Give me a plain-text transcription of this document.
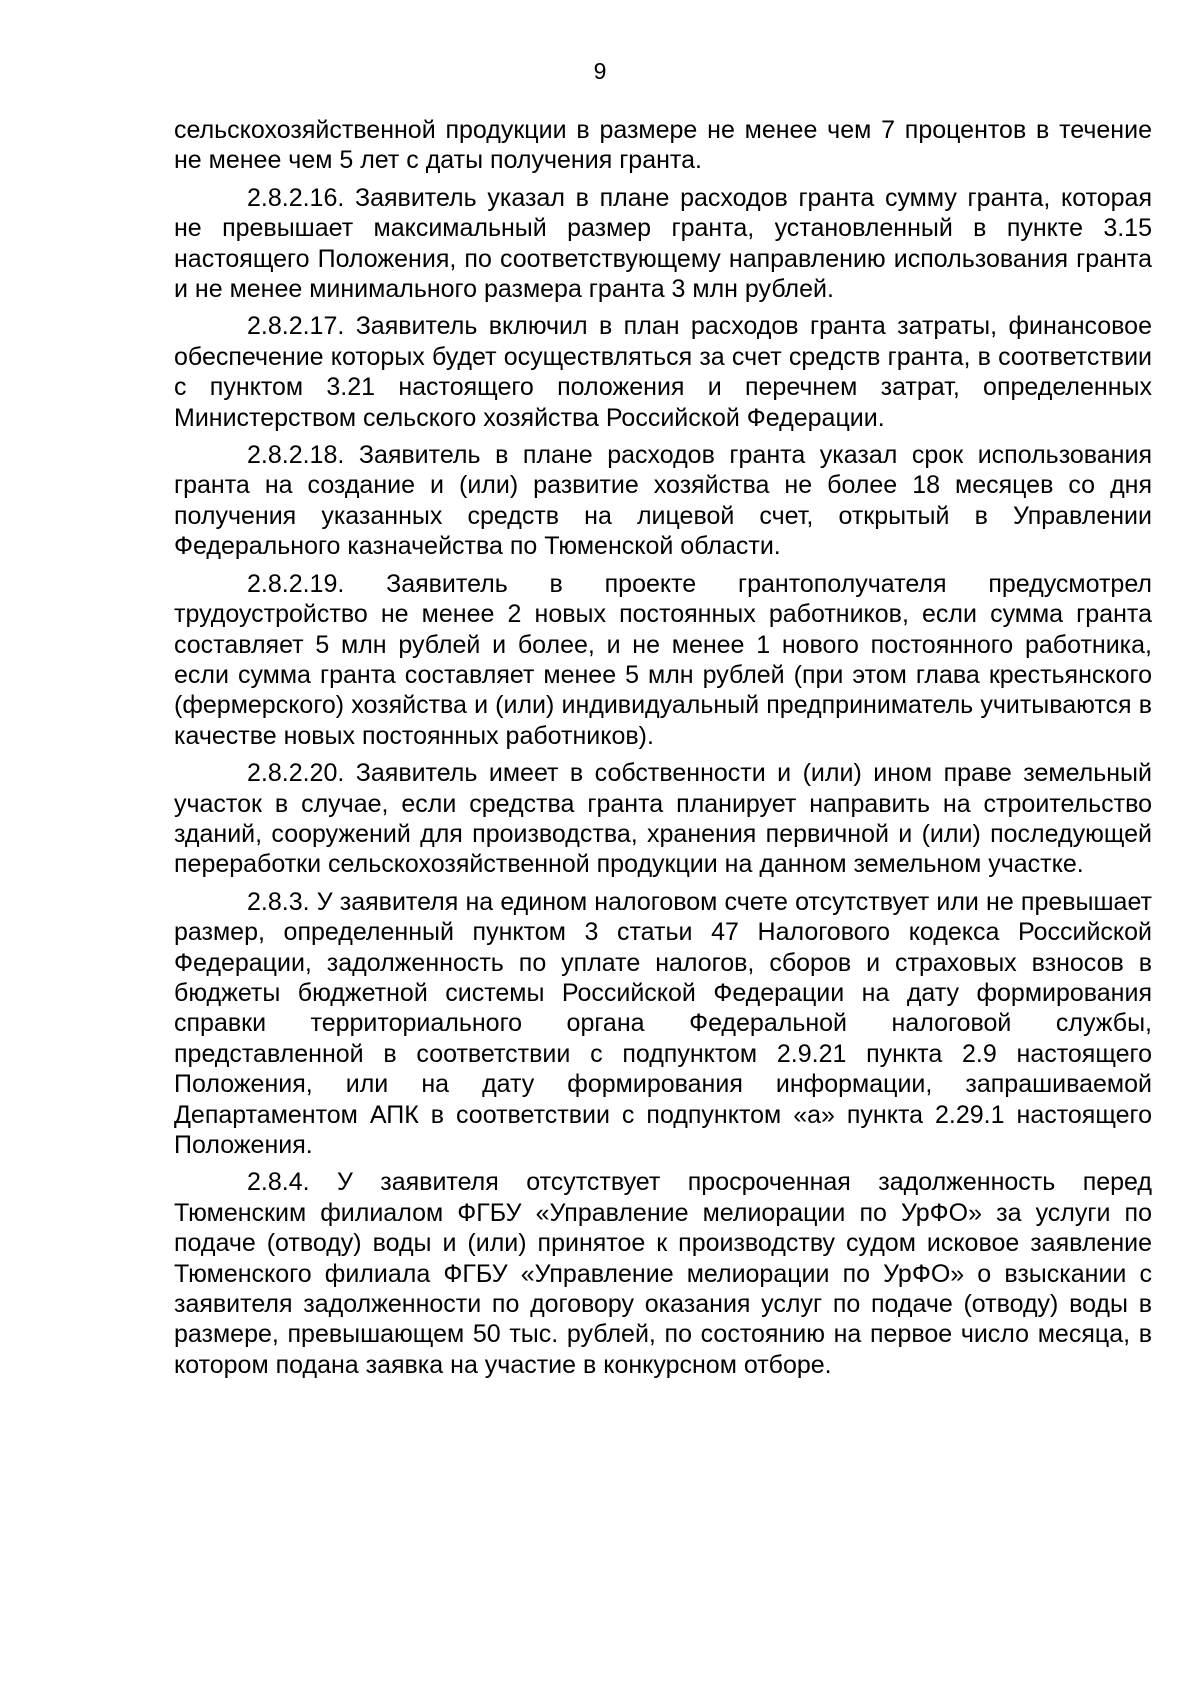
9

сельскохозяйственной продукции в размере не менее чем 7 процентов в течение не менее чем 5 лет с даты получения гранта.

2.8.2.16. Заявитель указал в плане расходов гранта сумму гранта, которая не превышает максимальный размер гранта, установленный в пункте 3.15 настоящего Положения, по соответствующему направлению использования гранта и не менее минимального размера гранта 3 млн рублей.

2.8.2.17. Заявитель включил в план расходов гранта затраты, финансовое обеспечение которых будет осуществляться за счет средств гранта, в соответствии с пунктом 3.21 настоящего положения и перечнем затрат, определенных Министерством сельского хозяйства Российской Федерации.

2.8.2.18. Заявитель в плане расходов гранта указал срок использования гранта на создание и (или) развитие хозяйства не более 18 месяцев со дня получения указанных средств на лицевой счет, открытый в Управлении Федерального казначейства по Тюменской области.

2.8.2.19. Заявитель в проекте грантополучателя предусмотрел трудоустройство не менее 2 новых постоянных работников, если сумма гранта составляет 5 млн рублей и более, и не менее 1 нового постоянного работника, если сумма гранта составляет менее 5 млн рублей (при этом глава крестьянского (фермерского) хозяйства и (или) индивидуальный предприниматель учитываются в качестве новых постоянных работников).

2.8.2.20. Заявитель имеет в собственности и (или) ином праве земельный участок в случае, если средства гранта планирует направить на строительство зданий, сооружений для производства, хранения первичной и (или) последующей переработки сельскохозяйственной продукции на данном земельном участке.

2.8.3. У заявителя на едином налоговом счете отсутствует или не превышает размер, определенный пунктом 3 статьи 47 Налогового кодекса Российской Федерации, задолженность по уплате налогов, сборов и страховых взносов в бюджеты бюджетной системы Российской Федерации на дату формирования справки территориального органа Федеральной налоговой службы, представленной в соответствии с подпунктом 2.9.21 пункта 2.9 настоящего Положения, или на дату формирования информации, запрашиваемой Департаментом АПК в соответствии с подпунктом «а» пункта 2.29.1 настоящего Положения.

2.8.4. У заявителя отсутствует просроченная задолженность перед Тюменским филиалом ФГБУ «Управление мелиорации по УрФО» за услуги по подаче (отводу) воды и (или) принятое к производству судом исковое заявление Тюменского филиала ФГБУ «Управление мелиорации по УрФО» о взыскании с заявителя задолженности по договору оказания услуг по подаче (отводу) воды в размере, превышающем 50 тыс. рублей, по состоянию на первое число месяца, в котором подана заявка на участие в конкурсном отборе.
